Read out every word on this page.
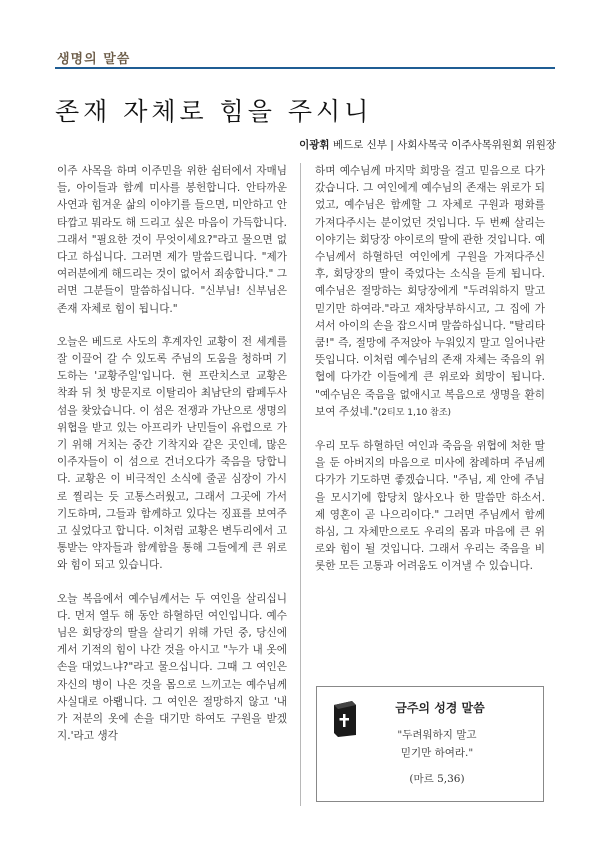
생명의 말씀
존재 자체로 힘을 주시니
이광휘 베드로 신부 | 사회사목국 이주사목위원회 위원장

이주 사목을 하며 이주민을 위한 쉼터에서 자매님들, 아이들과 함께 미사를 봉헌합니다. 안타까운 사연과 힘겨운 삶의 이야기를 들으면, 미안하고 안타깝고 뭐라도 해 드리고 싶은 마음이 가득합니다. 그래서 "필요한 것이 무엇이세요?"라고 물으면 없다고 하십니다. 그러면 제가 말씀드립니다. "제가 여러분에게 해드리는 것이 없어서 죄송합니다." 그러면 그분들이 말씀하십니다. "신부님! 신부님은 존재 자체로 힘이 됩니다."

오늘은 베드로 사도의 후계자인 교황이 전 세계를 잘 이끌어 갈 수 있도록 주님의 도움을 청하며 기도하는 '교황주일'입니다. 현 프란치스코 교황은 착좌 뒤 첫 방문지로 이탈리아 최남단의 람페두사섬을 찾았습니다. 이 섬은 전쟁과 가난으로 생명의 위협을 받고 있는 아프리카 난민들이 유럽으로 가기 위해 거치는 중간 기착지와 같은 곳인데, 많은 이주자들이 이 섬으로 건너오다가 죽음을 당합니다. 교황은 이 비극적인 소식에 줄곧 심장이 가시로 찔리는 듯 고통스러웠고, 그래서 그곳에 가서 기도하며, 그들과 함께하고 있다는 징표를 보여주고 싶었다고 합니다. 이처럼 교황은 변두리에서 고통받는 약자들과 함께함을 통해 그들에게 큰 위로와 힘이 되고 있습니다.

오늘 복음에서 예수님께서는 두 여인을 살리십니다. 먼저 열두 해 동안 하혈하던 여인입니다. 예수님은 회당장의 딸을 살리기 위해 가던 중, 당신에게서 기적의 힘이 나간 것을 아시고 "누가 내 옷에 손을 대었느냐?"라고 물으십니다. 그때 그 여인은 자신의 병이 나은 것을 몸으로 느끼고는 예수님께 사실대로 아뢥니다. 그 여인은 절망하지 않고 '내가 저분의 옷에 손을 대기만 하여도 구원을 받겠지.'라고 생각

하며 예수님께 마지막 희망을 걸고 믿음으로 다가갔습니다. 그 여인에게 예수님의 존재는 위로가 되었고, 예수님은 함께할 그 자체로 구원과 평화를 가져다주시는 분이었던 것입니다. 두 번째 살리는 이야기는 회당장 야이로의 딸에 관한 것입니다. 예수님께서 하혈하던 여인에게 구원을 가져다주신 후, 회당장의 딸이 죽었다는 소식을 듣게 됩니다. 예수님은 절망하는 회당장에게 "두려워하지 말고 믿기만 하여라."라고 재차당부하시고, 그 집에 가셔서 아이의 손을 잡으시며 말씀하십니다. "탈리타 쿰!" 즉, 절망에 주저앉아 누워있지 말고 일어나란 뜻입니다. 이처럼 예수님의 존재 자체는 죽음의 위협에 다가간 이들에게 큰 위로와 희망이 됩니다. "예수님은 죽음을 없애시고 복음으로 생명을 환히 보여 주셨네."(2티모 1,10 참조)

우리 모두 하혈하던 여인과 죽음을 위협에 처한 딸을 둔 아버지의 마음으로 미사에 참례하며 주님께 다가가 기도하면 좋겠습니다. "주님, 제 안에 주님을 모시기에 합당치 않사오나 한 말씀만 하소서. 제 영혼이 곧 나으리이다." 그러면 주님께서 함께하심, 그 자체만으로도 우리의 몸과 마음에 큰 위로와 힘이 될 것입니다. 그래서 우리는 죽음을 비롯한 모든 고통과 어려움도 이겨낼 수 있습니다.

금주의 성경 말씀
"두려워하지 말고
믿기만 하여라."
(마르 5,36)
